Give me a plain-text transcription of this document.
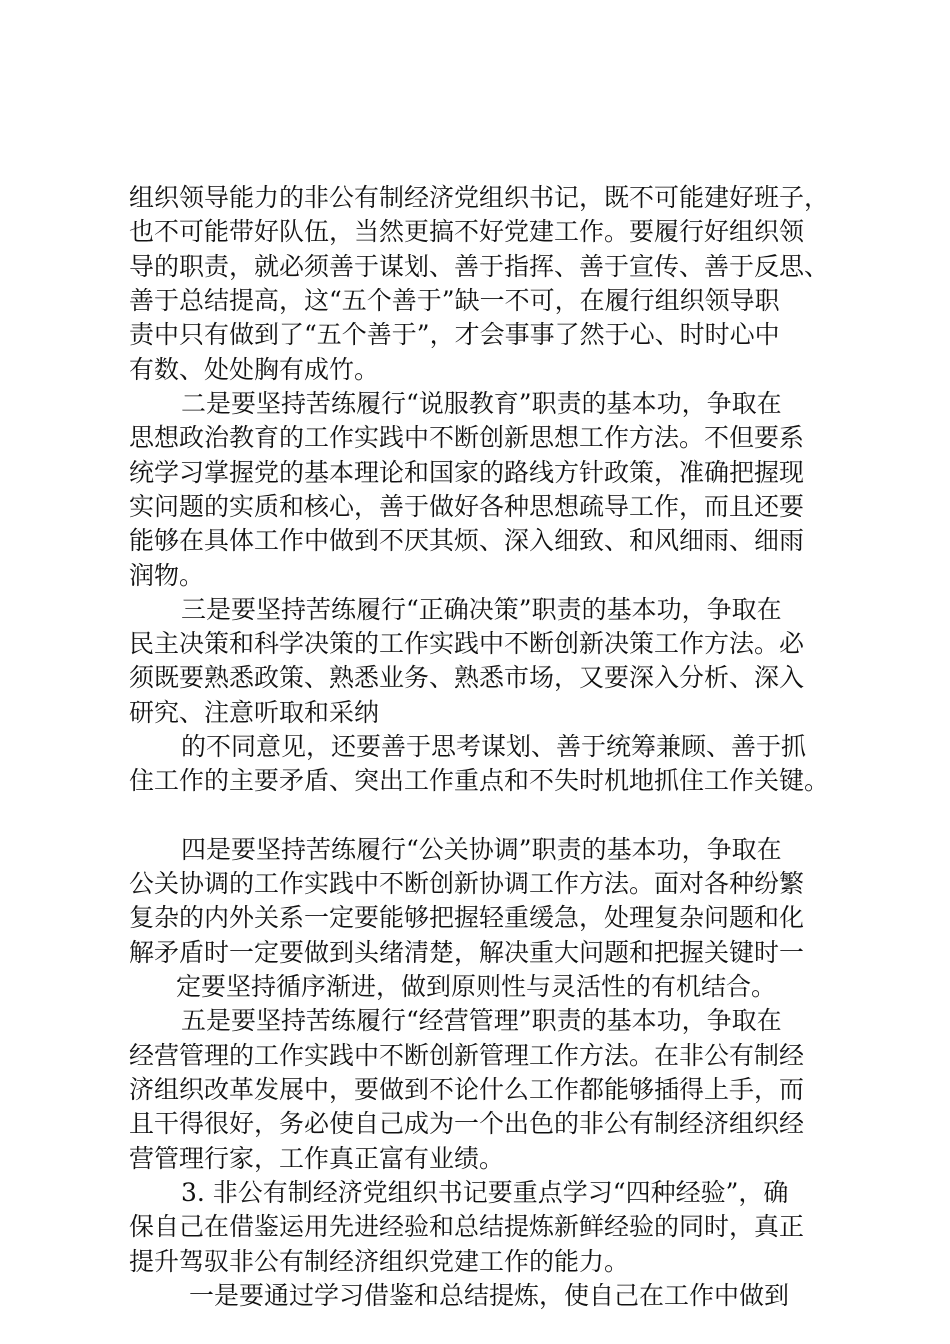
组织领导能力的非公有制经济党组织书记，既不可能建好班子，
也不可能带好队伍，当然更搞不好党建工作。要履行好组织领
导的职责，就必须善于谋划、善于指挥、善于宣传、善于反思、
善于总结提高，这“五个善于”缺一不可，在履行组织领导职
责中只有做到了“五个善于”，才会事事了然于心、时时心中
有数、处处胸有成竹。
二是要坚持苦练履行“说服教育”职责的基本功，争取在
思想政治教育的工作实践中不断创新思想工作方法。不但要系
统学习掌握党的基本理论和国家的路线方针政策，准确把握现
实问题的实质和核心，善于做好各种思想疏导工作，而且还要
能够在具体工作中做到不厌其烦、深入细致、和风细雨、细雨
润物。
三是要坚持苦练履行“正确决策”职责的基本功，争取在
民主决策和科学决策的工作实践中不断创新决策工作方法。必
须既要熟悉政策、熟悉业务、熟悉市场，又要深入分析、深入
研究、注意听取和采纳
的不同意见，还要善于思考谋划、善于统筹兼顾、善于抓
住工作的主要矛盾、突出工作重点和不失时机地抓住工作关键。
四是要坚持苦练履行“公关协调”职责的基本功，争取在
公关协调的工作实践中不断创新协调工作方法。面对各种纷繁
复杂的内外关系一定要能够把握轻重缓急，处理复杂问题和化
解矛盾时一定要做到头绪清楚，解决重大问题和把握关键时一
定要坚持循序渐进，做到原则性与灵活性的有机结合。
五是要坚持苦练履行“经营管理”职责的基本功，争取在
经营管理的工作实践中不断创新管理工作方法。在非公有制经
济组织改革发展中，要做到不论什么工作都能够插得上手，而
且干得很好，务必使自己成为一个出色的非公有制经济组织经
营管理行家，工作真正富有业绩。
3. 非公有制经济党组织书记要重点学习“四种经验”，确
保自己在借鉴运用先进经验和总结提炼新鲜经验的同时，真正
提升驾驭非公有制经济组织党建工作的能力。
一是要通过学习借鉴和总结提炼，使自己在工作中做到
